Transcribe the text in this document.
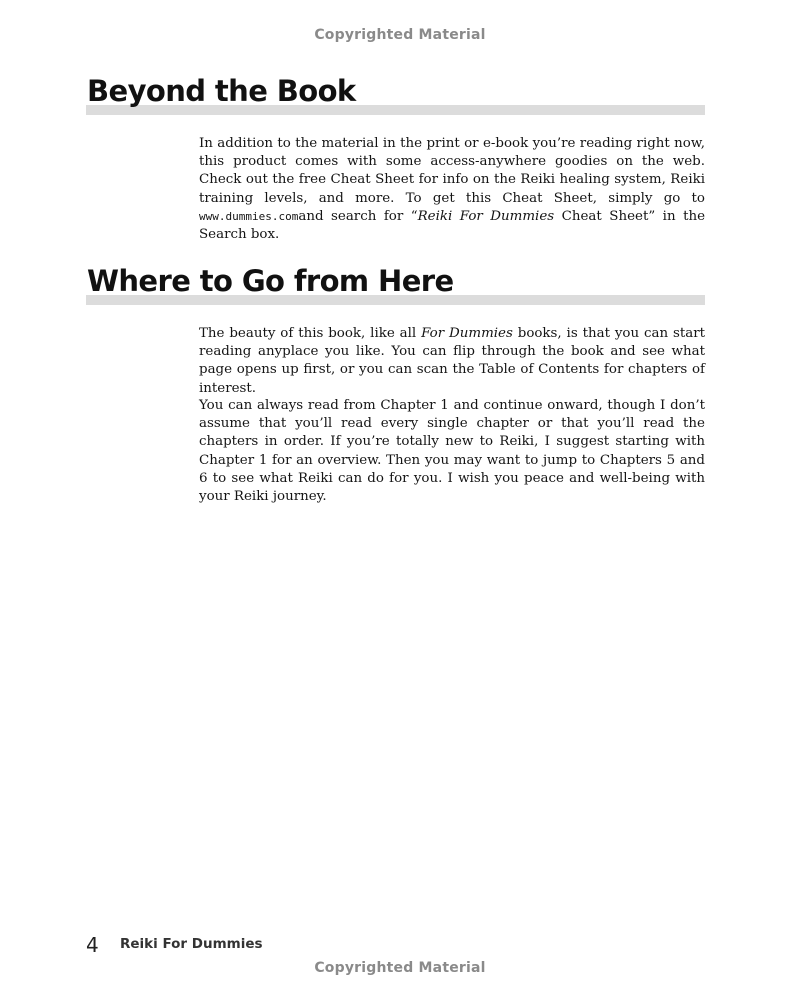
Copyrighted Material
Beyond the Book

In addition to the material in the print or e-book you’re reading right now, this product comes with some access-anywhere goodies on the web. Check out the free Cheat Sheet for info on the Reiki healing system, Reiki training levels, and more. To get this Cheat Sheet, simply go to www.dummies.comand search for “Reiki For Dummies Cheat Sheet” in the Search box.

Where to Go from Here

The beauty of this book, like all For Dummies books, is that you can start reading anyplace you like. You can flip through the book and see what page opens up first, or you can scan the Table of Contents for chapters of interest.

You can always read from Chapter 1 and continue onward, though I don’t assume that you’ll read every single chapter or that you’ll read the chapters in order. If you’re totally new to Reiki, I suggest starting with Chapter 1 for an overview. Then you may want to jump to Chapters 5 and 6 to see what Reiki can do for you. I wish you peace and well-being with your Reiki journey.

4 Reiki For Dummies
Copyrighted Material
